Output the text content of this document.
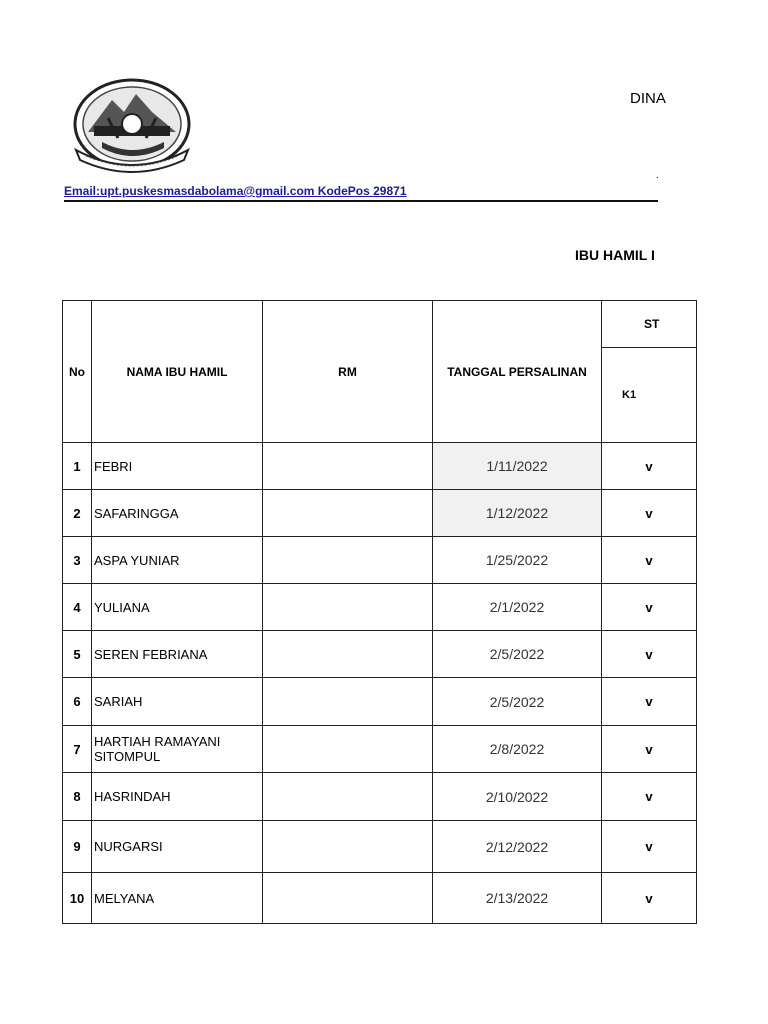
DINA
.
Email:upt.puskesmasdabolama@gmail.com KodePos 29871
IBU HAMIL I
No	NAMA IBU HAMIL	RM	TANGGAL PERSALINAN	ST
				K1
1	FEBRI		1/11/2022	v
2	SAFARINGGA		1/12/2022	v
3	ASPA YUNIAR		1/25/2022	v
4	YULIANA		2/1/2022	v
5	SEREN FEBRIANA		2/5/2022	v
6	SARIAH		2/5/2022	v
7	HARTIAH RAMAYANI SITOMPUL		2/8/2022	v
8	HASRINDAH		2/10/2022	v
9	NURGARSI		2/12/2022	v
10	MELYANA		2/13/2022	v
